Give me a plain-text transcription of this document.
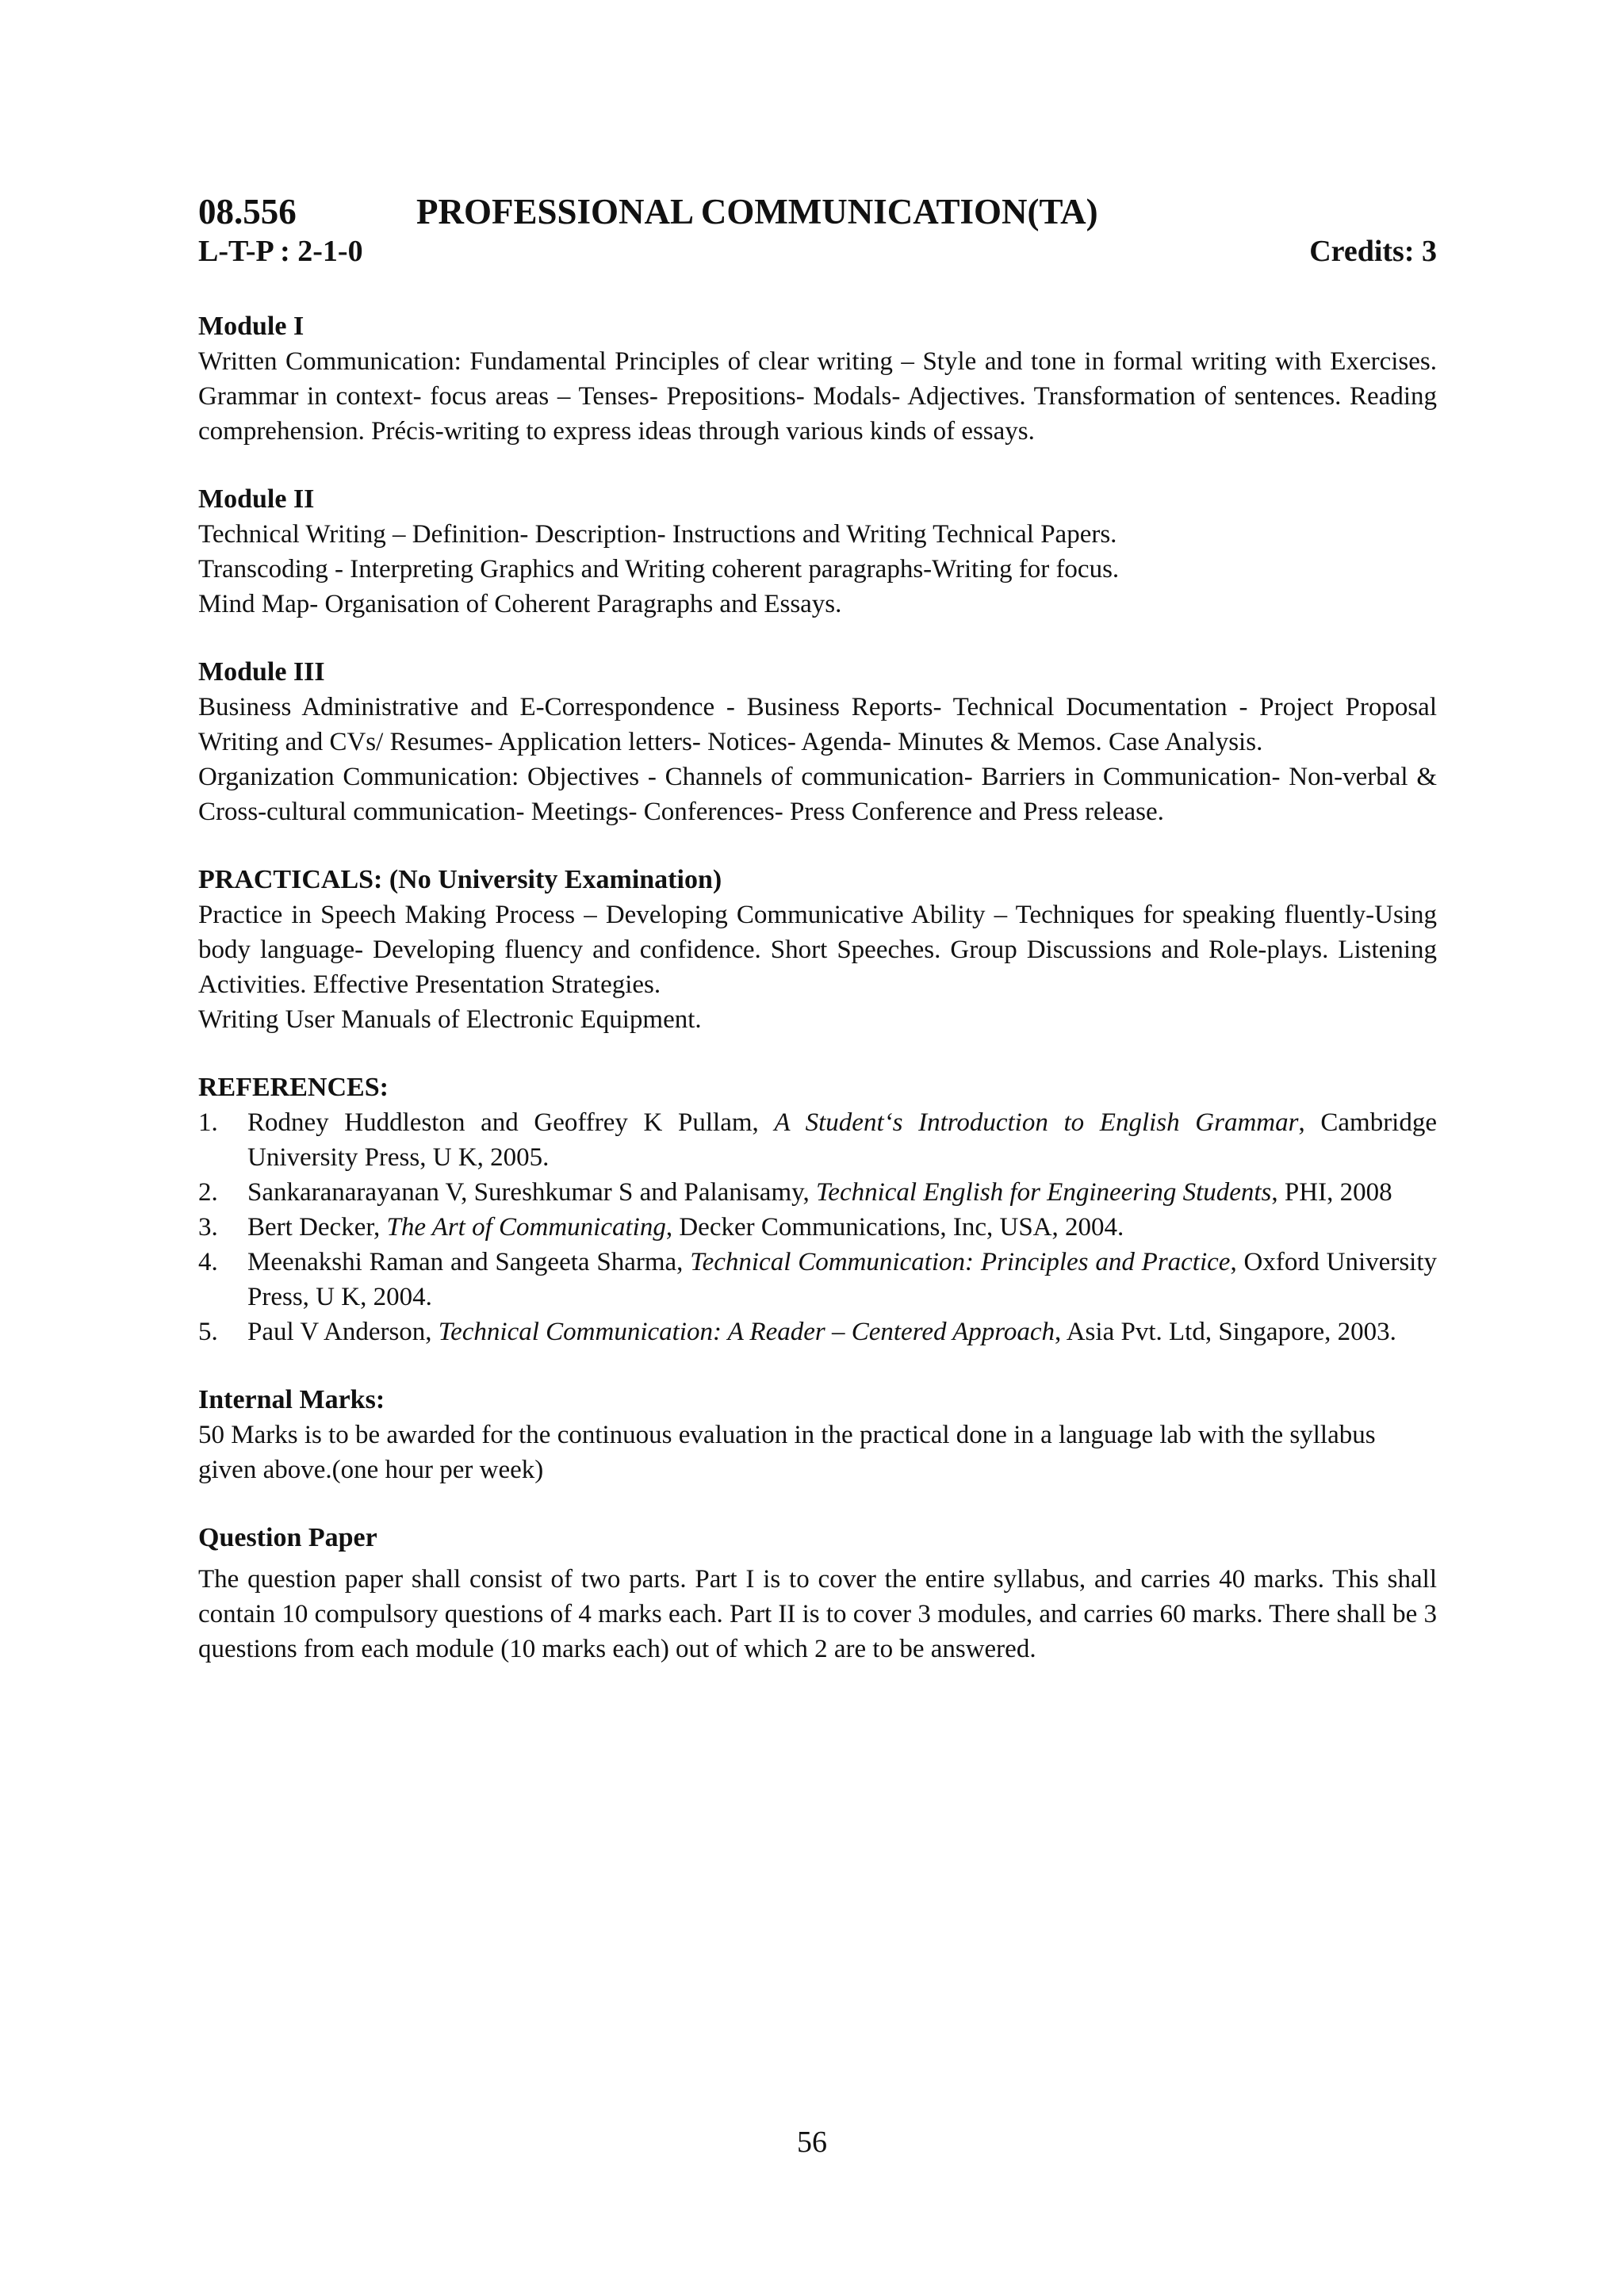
08.556	PROFESSIONAL COMMUNICATION(TA)
L-T-P : 2-1-0	Credits: 3
Module I

Written Communication: Fundamental Principles of clear writing – Style and tone in formal writing with Exercises. Grammar in context- focus areas – Tenses- Prepositions- Modals- Adjectives. Transformation of sentences. Reading comprehension. Précis-writing to express ideas through various kinds of essays.

Module II

Technical Writing – Definition- Description- Instructions and Writing Technical Papers.

Transcoding - Interpreting Graphics and Writing coherent paragraphs-Writing for focus.

Mind Map- Organisation of Coherent Paragraphs and Essays.

Module III

Business Administrative and E-Correspondence - Business Reports- Technical Documentation - Project Proposal Writing and CVs/ Resumes- Application letters- Notices- Agenda- Minutes & Memos. Case Analysis.

Organization Communication: Objectives - Channels of communication- Barriers in Communication- Non-verbal & Cross-cultural communication- Meetings- Conferences- Press Conference and Press release.

PRACTICALS: (No University Examination)

Practice in Speech Making Process – Developing Communicative Ability – Techniques for speaking fluently-Using body language- Developing fluency and confidence. Short Speeches. Group Discussions and Role-plays. Listening Activities. Effective Presentation Strategies.

Writing User Manuals of Electronic Equipment.

REFERENCES:
1.	Rodney Huddleston and Geoffrey K Pullam, A Student‘s Introduction to English Grammar, Cambridge University Press, U K, 2005.
2.	Sankaranarayanan V, Sureshkumar S and Palanisamy, Technical English for Engineering Students, PHI, 2008
3.	Bert Decker, The Art of Communicating, Decker Communications, Inc, USA, 2004.
4.	Meenakshi Raman and Sangeeta Sharma, Technical Communication: Principles and Practice, Oxford University Press, U K, 2004.
5.	Paul V Anderson, Technical Communication: A Reader – Centered Approach, Asia Pvt. Ltd, Singapore, 2003.
Internal Marks:

50 Marks is to be awarded for the continuous evaluation in the practical done in a language lab with the syllabus given above.(one hour per week)

Question Paper

The question paper shall consist of two parts. Part I is to cover the entire syllabus, and carries 40 marks. This shall contain 10 compulsory questions of 4 marks each. Part II is to cover 3 modules, and carries 60 marks. There shall be 3 questions from each module (10 marks each) out of which 2 are to be answered.

56
